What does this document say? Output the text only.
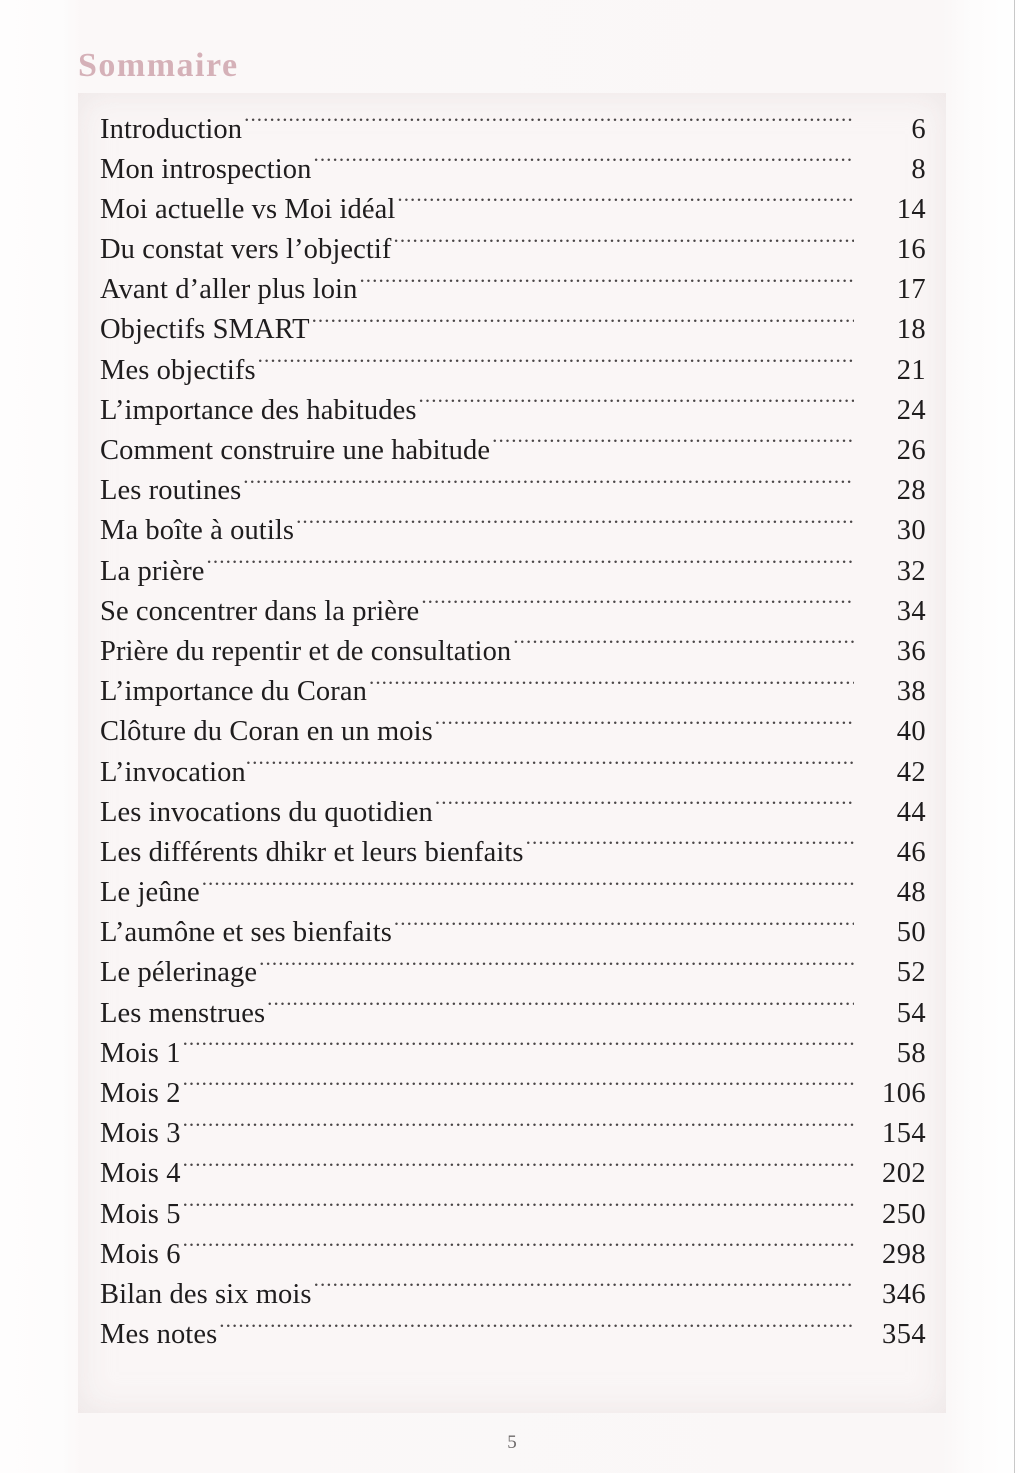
Sommaire
Introduction .....	6
Mon introspection .....	8
Moi actuelle vs Moi idéal .....	14
Du constat vers l’objectif .....	16
Avant d’aller plus loin .....	17
Objectifs SMART .....	18
Mes objectifs .....	21
L’importance des habitudes .....	24
Comment construire une habitude .....	26
Les routines .....	28
Ma boîte à outils .....	30
La prière .....	32
Se concentrer dans la prière .....	34
Prière du repentir et de consultation .....	36
L’importance du Coran .....	38
Clôture du Coran en un mois .....	40
L’invocation .....	42
Les invocations du quotidien .....	44
Les différents dhikr et leurs bienfaits .....	46
Le jeûne .....	48
L’aumône et ses bienfaits .....	50
Le pélerinage .....	52
Les menstrues .....	54
Mois 1 .....	58
Mois 2 .....	106
Mois 3 .....	154
Mois 4 .....	202
Mois 5 .....	250
Mois 6 .....	298
Bilan des six mois .....	346
Mes notes .....	354
5
